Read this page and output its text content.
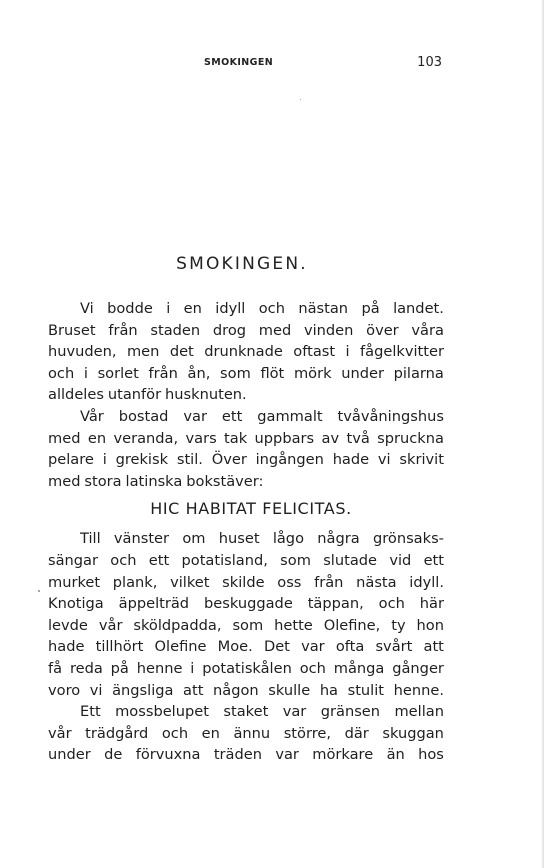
SMOKINGEN	103
SMOKINGEN.
Vi bodde i en idyll och nästan på landet.
Bruset från staden drog med vinden över våra
huvuden, men det drunknade oftast i fågelkvitter
och i sorlet från ån, som flöt mörk under pilarna
alldeles utanför husknuten.
Vår bostad var ett gammalt tvåvåningshus
med en veranda, vars tak uppbars av två spruckna
pelare i grekisk stil. Över ingången hade vi skrivit
med stora latinska bokstäver:
HIC HABITAT FELICITAS.
Till vänster om huset lågo några grönsaks-
sängar och ett potatisland, som slutade vid ett
murket plank, vilket skilde oss från nästa idyll.
Knotiga äppelträd beskuggade täppan, och här
levde vår sköldpadda, som hette Olefine, ty hon
hade tillhört Olefine Moe. Det var ofta svårt att
få reda på henne i potatiskålen och många gånger
voro vi ängsliga att någon skulle ha stulit henne.
Ett mossbelupet staket var gränsen mellan
vår trädgård och en ännu större, där skuggan
under de förvuxna träden var mörkare än hos
